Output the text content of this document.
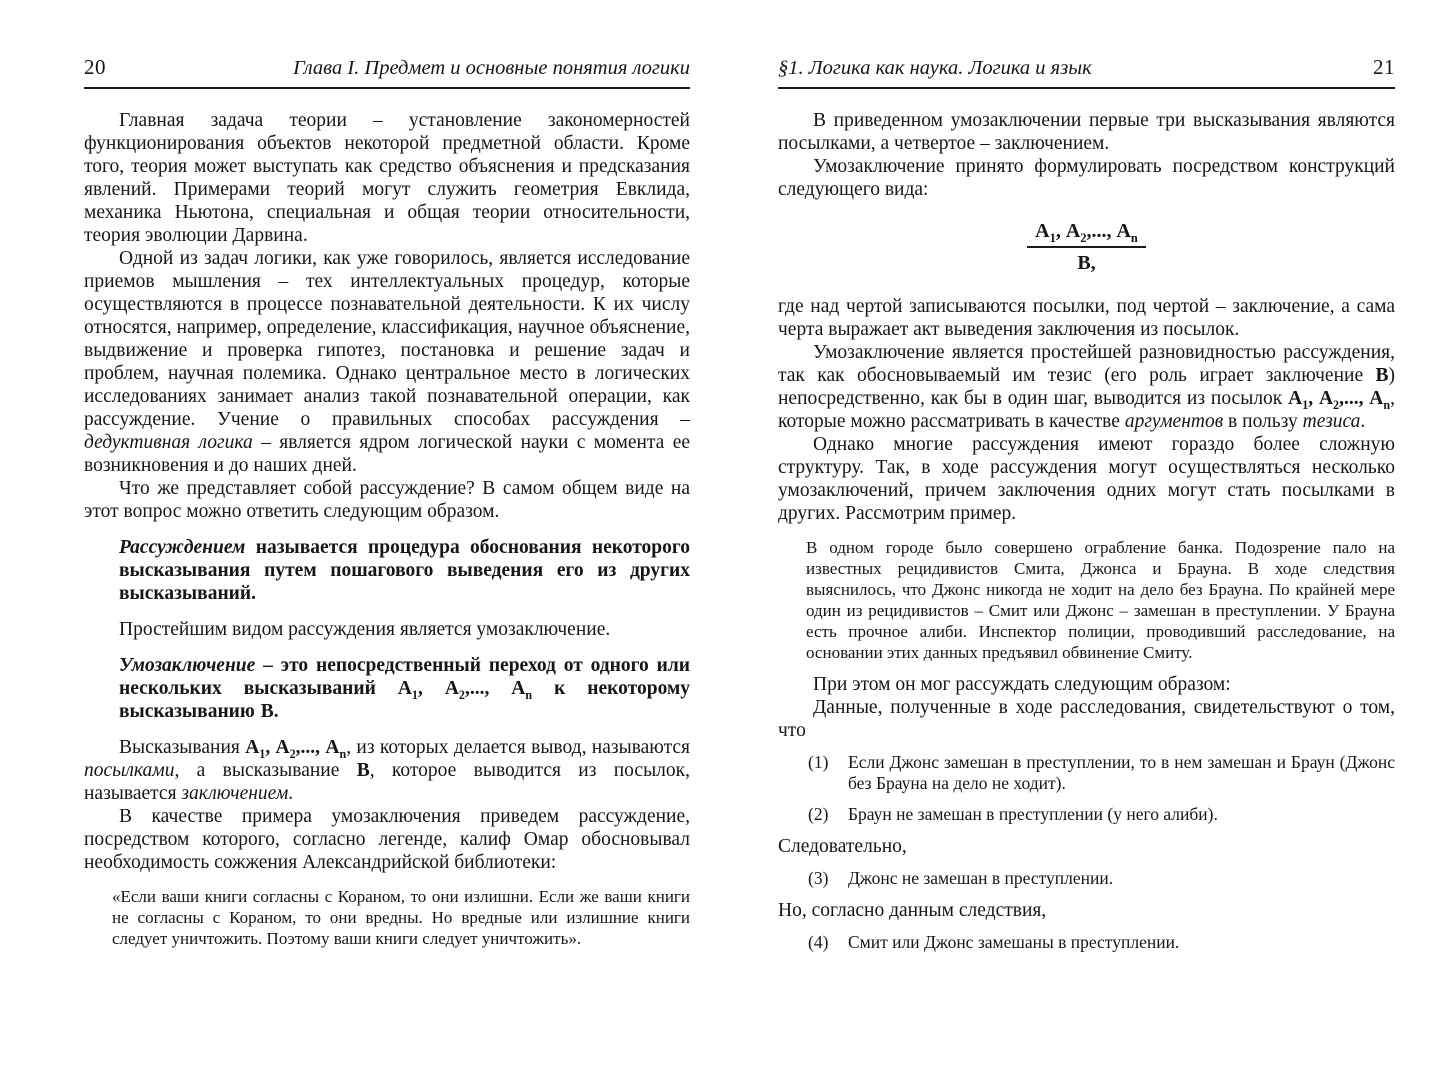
20	Глава I. Предмет и основные понятия логики

Главная задача теории – установление закономерностей функционирования объектов некоторой предметной области. Кроме того, теория может выступать как средство объяснения и предсказания явлений. Примерами теорий могут служить геометрия Евклида, механика Ньютона, специальная и общая теории относительности, теория эволюции Дарвина.

Одной из задач логики, как уже говорилось, является исследование приемов мышления – тех интеллектуальных процедур, которые осуществляются в процессе познавательной деятельности. К их числу относятся, например, определение, классификация, научное объяснение, выдвижение и проверка гипотез, постановка и решение задач и проблем, научная полемика. Однако центральное место в логических исследованиях занимает анализ такой познавательной операции, как рассуждение. Учение о правильных способах рассуждения – дедуктивная логика – является ядром логической науки с момента ее возникновения и до наших дней.

Что же представляет собой рассуждение? В самом общем виде на этот вопрос можно ответить следующим образом.

Рассуждением называется процедура обоснования некоторого высказывания путем пошагового выведения его из других высказываний.

Простейшим видом рассуждения является умозаключение.

Умозаключение – это непосредственный переход от одного или нескольких высказываний $А_1$, $А_2$,..., $А_n$ к некоторому высказыванию В.

Высказывания $А_1$, $А_2$,..., $А_n$, из которых делается вывод, называются посылками, а высказывание В, которое выводится из посылок, называется заключением.

В качестве примера умозаключения приведем рассуждение, посредством которого, согласно легенде, калиф Омар обосновывал необходимость сожжения Александрийской библиотеки:

«Если ваши книги согласны с Кораном, то они излишни. Если же ваши книги не согласны с Кораном, то они вредны. Но вредные или излишние книги следует уничтожить. Поэтому ваши книги следует уничтожить».

§1. Логика как наука. Логика и язык	21

В приведенном умозаключении первые три высказывания являются посылками, а четвертое – заключением.

Умозаключение принято формулировать посредством конструкций следующего вида:

$А_1$, $А_2$,..., $А_n$
В,

где над чертой записываются посылки, под чертой – заключение, а сама черта выражает акт выведения заключения из посылок.

Умозаключение является простейшей разновидностью рассуждения, так как обосновываемый им тезис (его роль играет заключение В) непосредственно, как бы в один шаг, выводится из посылок $А_1$, $А_2$,..., $А_n$, которые можно рассматривать в качестве аргументов в пользу тезиса.

Однако многие рассуждения имеют гораздо более сложную структуру. Так, в ходе рассуждения могут осуществляться несколько умозаключений, причем заключения одних могут стать посылками в других. Рассмотрим пример.

В одном городе было совершено ограбление банка. Подозрение пало на известных рецидивистов Смита, Джонса и Брауна. В ходе следствия выяснилось, что Джонс никогда не ходит на дело без Брауна. По крайней мере один из рецидивистов – Смит или Джонс – замешан в преступлении. У Брауна есть прочное алиби. Инспектор полиции, проводивший расследование, на основании этих данных предъявил обвинение Смиту.

При этом он мог рассуждать следующим образом:

Данные, полученные в ходе расследования, свидетельствуют о том, что

(1)	Если Джонс замешан в преступлении, то в нем замешан и Браун (Джонс без Брауна на дело не ходит).
(2)	Браун не замешан в преступлении (у него алиби).

Следовательно,

(3)	Джонс не замешан в преступлении.

Но, согласно данным следствия,

(4)	Смит или Джонс замешаны в преступлении.
